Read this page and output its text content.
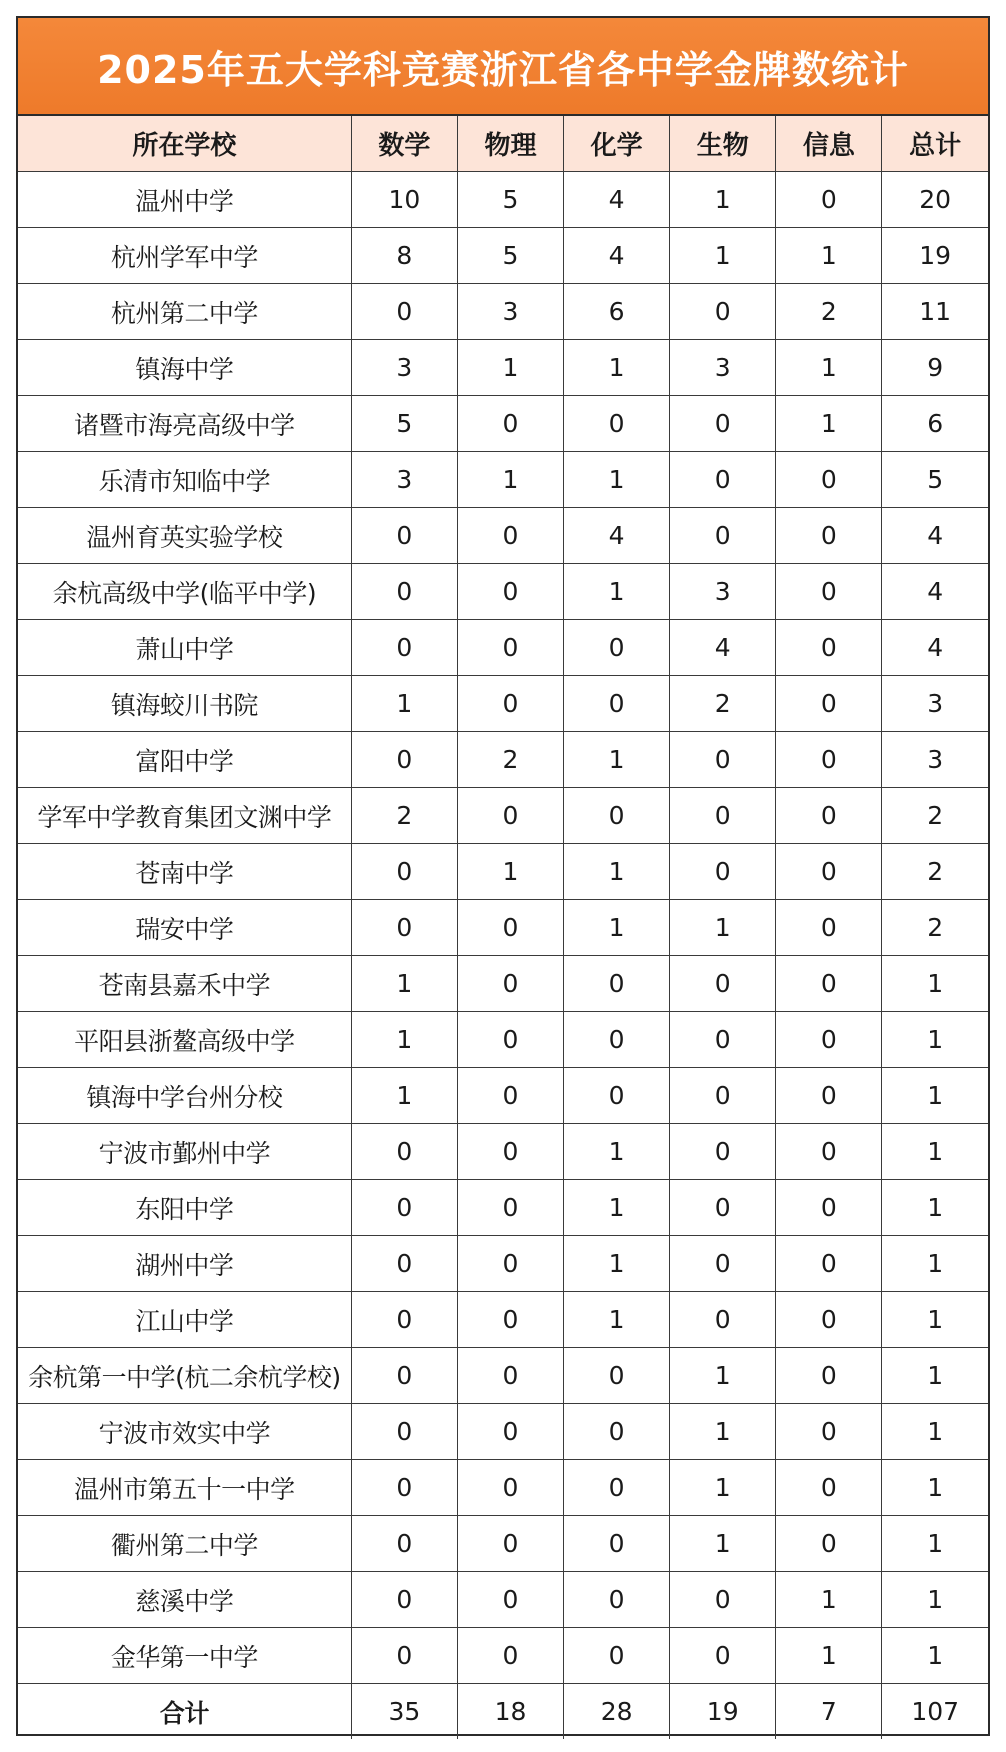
2025年五大学科竞赛浙江省各中学金牌数统计
所在学校	数学	物理	化学	生物	信息	总计
温州中学	10	5	4	1	0	20
杭州学军中学	8	5	4	1	1	19
杭州第二中学	0	3	6	0	2	11
镇海中学	3	1	1	3	1	9
诸暨市海亮高级中学	5	0	0	0	1	6
乐清市知临中学	3	1	1	0	0	5
温州育英实验学校	0	0	4	0	0	4
余杭高级中学(临平中学)	0	0	1	3	0	4
萧山中学	0	0	0	4	0	4
镇海蛟川书院	1	0	0	2	0	3
富阳中学	0	2	1	0	0	3
学军中学教育集团文渊中学	2	0	0	0	0	2
苍南中学	0	1	1	0	0	2
瑞安中学	0	0	1	1	0	2
苍南县嘉禾中学	1	0	0	0	0	1
平阳县浙鳌高级中学	1	0	0	0	0	1
镇海中学台州分校	1	0	0	0	0	1
宁波市鄞州中学	0	0	1	0	0	1
东阳中学	0	0	1	0	0	1
湖州中学	0	0	1	0	0	1
江山中学	0	0	1	0	0	1
余杭第一中学(杭二余杭学校)	0	0	0	1	0	1
宁波市效实中学	0	0	0	1	0	1
温州市第五十一中学	0	0	0	1	0	1
衢州第二中学	0	0	0	1	0	1
慈溪中学	0	0	0	0	1	1
金华第一中学	0	0	0	0	1	1
合计	35	18	28	19	7	107
